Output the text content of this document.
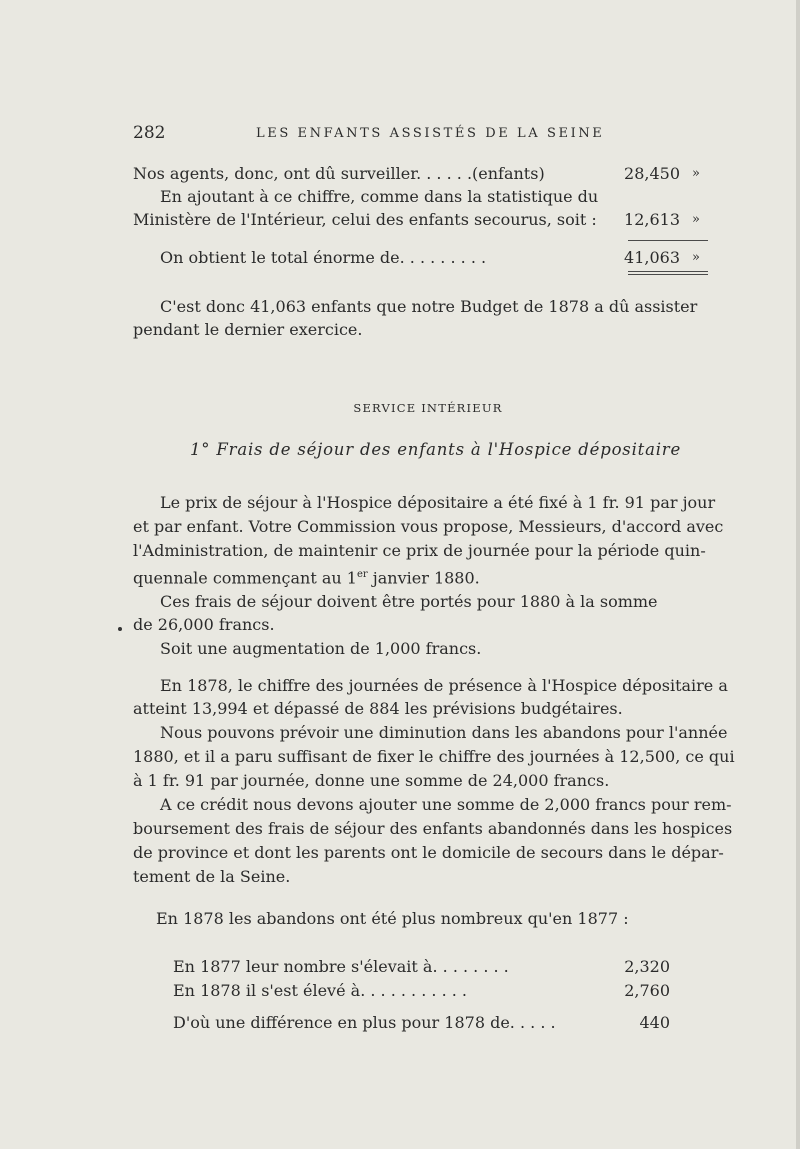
282	LES ENFANTS ASSISTÉS DE LA SEINE
Nos agents, donc, ont dû surveiller. . . . . .(enfants)	28,450 »
En ajoutant à ce chiffre, comme dans la statistique du
Ministère de l'Intérieur, celui des enfants secourus, soit :	12,613 »
On obtient le total énorme de. . . . . . . . .	41,063 »
C'est donc 41,063 enfants que notre Budget de 1878 a dû assister
pendant le dernier exercice.
SERVICE INTÉRIEUR
1° Frais de séjour des enfants à l'Hospice dépositaire
Le prix de séjour à l'Hospice dépositaire a été fixé à 1 fr. 91 par jour
et par enfant. Votre Commission vous propose, Messieurs, d'accord avec
l'Administration, de maintenir ce prix de journée pour la période quin-
quennale commençant au 1er janvier 1880.
Ces frais de séjour doivent être portés pour 1880 à la somme
de 26,000 francs.
Soit une augmentation de 1,000 francs.
En 1878, le chiffre des journées de présence à l'Hospice dépositaire a
atteint 13,994 et dépassé de 884 les prévisions budgétaires.
Nous pouvons prévoir une diminution dans les abandons pour l'année
1880, et il a paru suffisant de fixer le chiffre des journées à 12,500, ce qui
à 1 fr. 91 par journée, donne une somme de 24,000 francs.
A ce crédit nous devons ajouter une somme de 2,000 francs pour rem-
boursement des frais de séjour des enfants abandonnés dans les hospices
de province et dont les parents ont le domicile de secours dans le dépar-
tement de la Seine.
En 1878 les abandons ont été plus nombreux qu'en 1877 :
En 1877 leur nombre s'élevait à. . . . . . . .	2,320
En 1878 il s'est élevé à. . . . . . . . . . .	2,760
D'où une différence en plus pour 1878 de. . . . .	440
